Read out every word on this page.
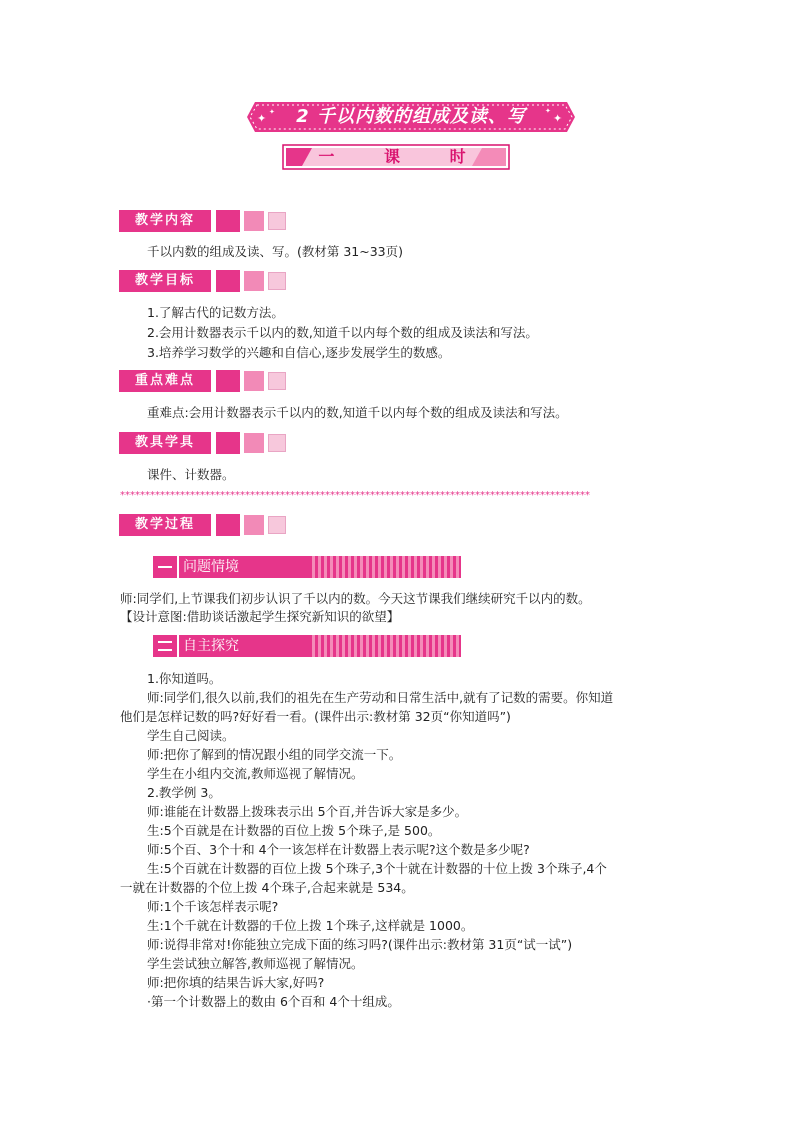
✦ ✦	✦
✦
2 千以内数的组成及读、写
一 课 时
教学内容
千以内数的组成及读、写。(教材第 31~33页)
教学目标
1.了解古代的记数方法。
2.会用计数器表示千以内的数,知道千以内每个数的组成及读法和写法。
3.培养学习数学的兴趣和自信心,逐步发展学生的数感。
重点难点
重难点:会用计数器表示千以内的数,知道千以内每个数的组成及读法和写法。
教具学具
课件、计数器。
**********************************************************************************************
教学过程
问题情境
师:同学们,上节课我们初步认识了千以内的数。今天这节课我们继续研究千以内的数。
【设计意图:借助谈话激起学生探究新知识的欲望】
自主探究
1.你知道吗。
师:同学们,很久以前,我们的祖先在生产劳动和日常生活中,就有了记数的需要。你知道
他们是怎样记数的吗?好好看一看。(课件出示:教材第 32页“你知道吗”)
学生自己阅读。
师:把你了解到的情况跟小组的同学交流一下。
学生在小组内交流,教师巡视了解情况。
2.教学例 3。
师:谁能在计数器上拨珠表示出 5个百,并告诉大家是多少。
生:5个百就是在计数器的百位上拨 5个珠子,是 500。
师:5个百、3个十和 4个一该怎样在计数器上表示呢?这个数是多少呢?
生:5个百就在计数器的百位上拨 5个珠子,3个十就在计数器的十位上拨 3个珠子,4个
一就在计数器的个位上拨 4个珠子,合起来就是 534。
师:1个千该怎样表示呢?
生:1个千就在计数器的千位上拨 1个珠子,这样就是 1000。
师:说得非常对!你能独立完成下面的练习吗?(课件出示:教材第 31页“试一试”)
学生尝试独立解答,教师巡视了解情况。
师:把你填的结果告诉大家,好吗?
·第一个计数器上的数由 6个百和 4个十组成。
